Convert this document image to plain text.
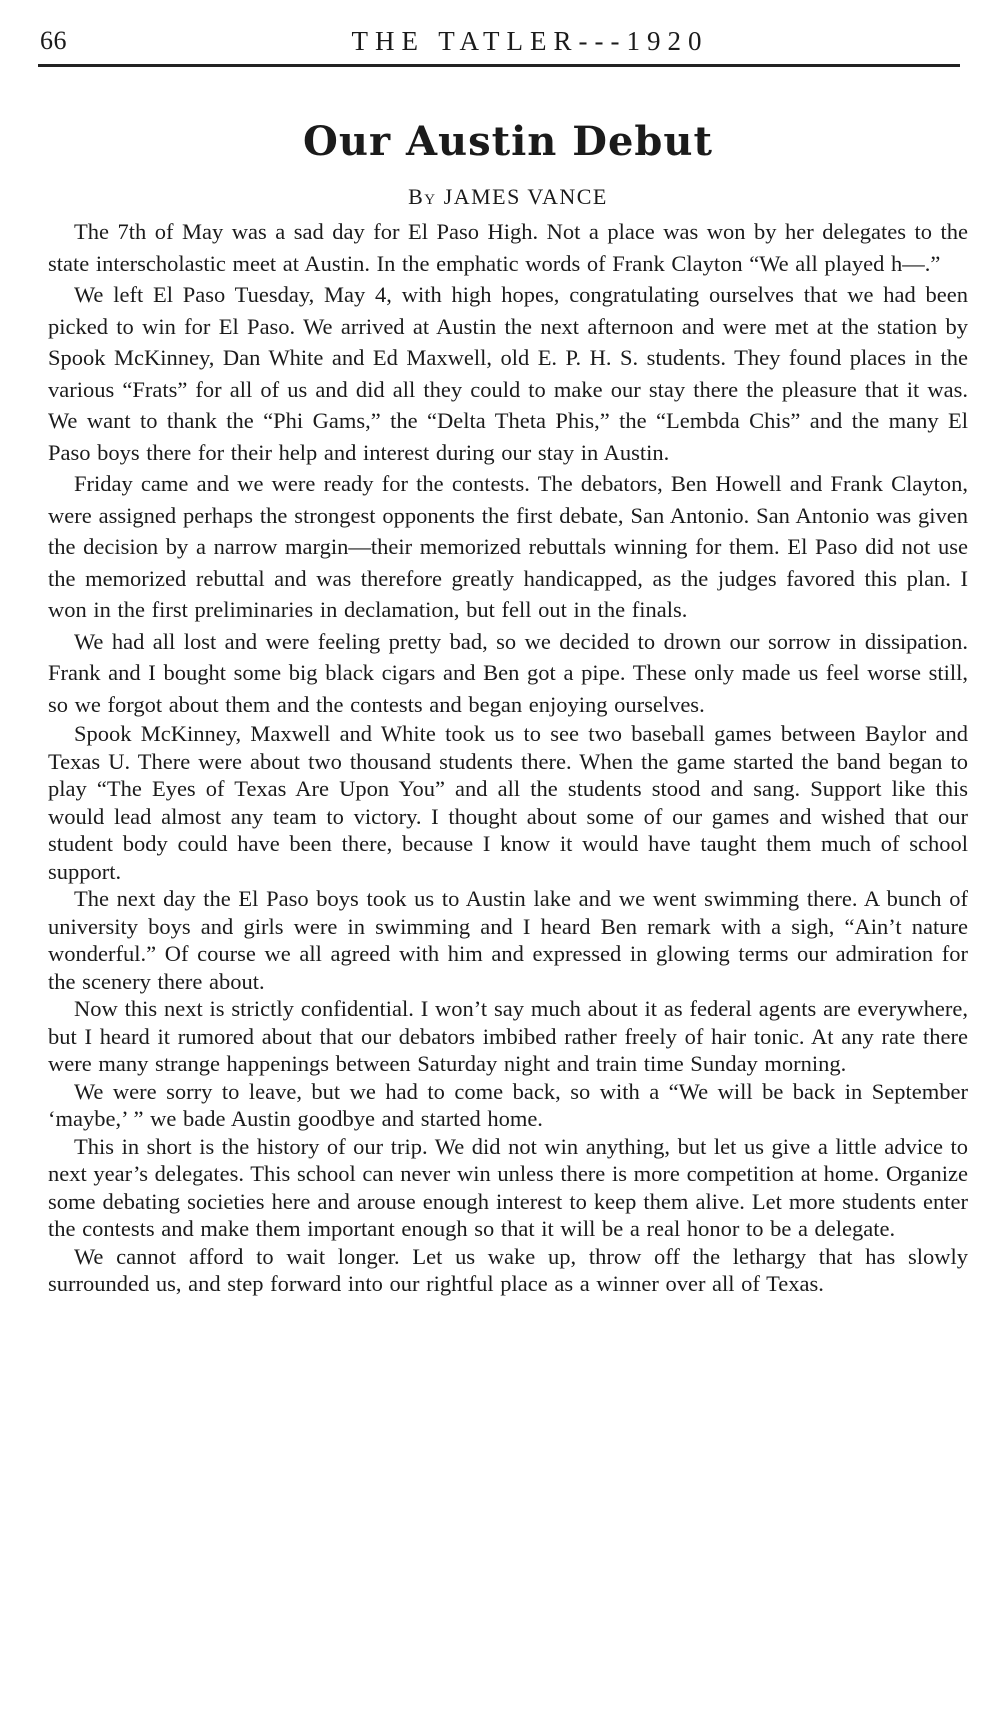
66	THE TATLER---1920
Our Austin Debut
By JAMES VANCE

The 7th of May was a sad day for El Paso High. Not a place was won by her delegates to the state interscholastic meet at Austin. In the emphatic words of Frank Clayton “We all played h—.”

We left El Paso Tuesday, May 4, with high hopes, congratulating ourselves that we had been picked to win for El Paso. We arrived at Austin the next afternoon and were met at the station by Spook McKinney, Dan White and Ed Maxwell, old E. P. H. S. students. They found places in the various “Frats” for all of us and did all they could to make our stay there the pleasure that it was. We want to thank the “Phi Gams,” the “Delta Theta Phis,” the “Lembda Chis” and the many El Paso boys there for their help and interest during our stay in Austin.

Friday came and we were ready for the contests. The debators, Ben Howell and Frank Clayton, were assigned perhaps the strongest opponents the first debate, San Antonio. San Antonio was given the decision by a narrow margin—their memorized rebuttals winning for them. El Paso did not use the memorized rebuttal and was therefore greatly handicapped, as the judges favored this plan. I won in the first preliminaries in declamation, but fell out in the finals.

We had all lost and were feeling pretty bad, so we decided to drown our sorrow in dissipation. Frank and I bought some big black cigars and Ben got a pipe. These only made us feel worse still, so we forgot about them and the contests and began enjoying ourselves.

Spook McKinney, Maxwell and White took us to see two baseball games between Baylor and Texas U. There were about two thousand students there. When the game started the band began to play “The Eyes of Texas Are Upon You” and all the students stood and sang. Support like this would lead almost any team to victory. I thought about some of our games and wished that our student body could have been there, because I know it would have taught them much of school support.

The next day the El Paso boys took us to Austin lake and we went swimming there. A bunch of university boys and girls were in swimming and I heard Ben remark with a sigh, “Ain’t nature wonderful.” Of course we all agreed with him and expressed in glowing terms our admiration for the scenery there about.

Now this next is strictly confidential. I won’t say much about it as federal agents are everywhere, but I heard it rumored about that our debators imbibed rather freely of hair tonic. At any rate there were many strange happenings between Saturday night and train time Sunday morning.

We were sorry to leave, but we had to come back, so with a “We will be back in September ‘maybe,’ ” we bade Austin goodbye and started home.

This in short is the history of our trip. We did not win anything, but let us give a little advice to next year’s delegates. This school can never win unless there is more competition at home. Organize some debating societies here and arouse enough interest to keep them alive. Let more students enter the contests and make them important enough so that it will be a real honor to be a delegate.

We cannot afford to wait longer. Let us wake up, throw off the lethargy that has slowly surrounded us, and step forward into our rightful place as a winner over all of Texas.
